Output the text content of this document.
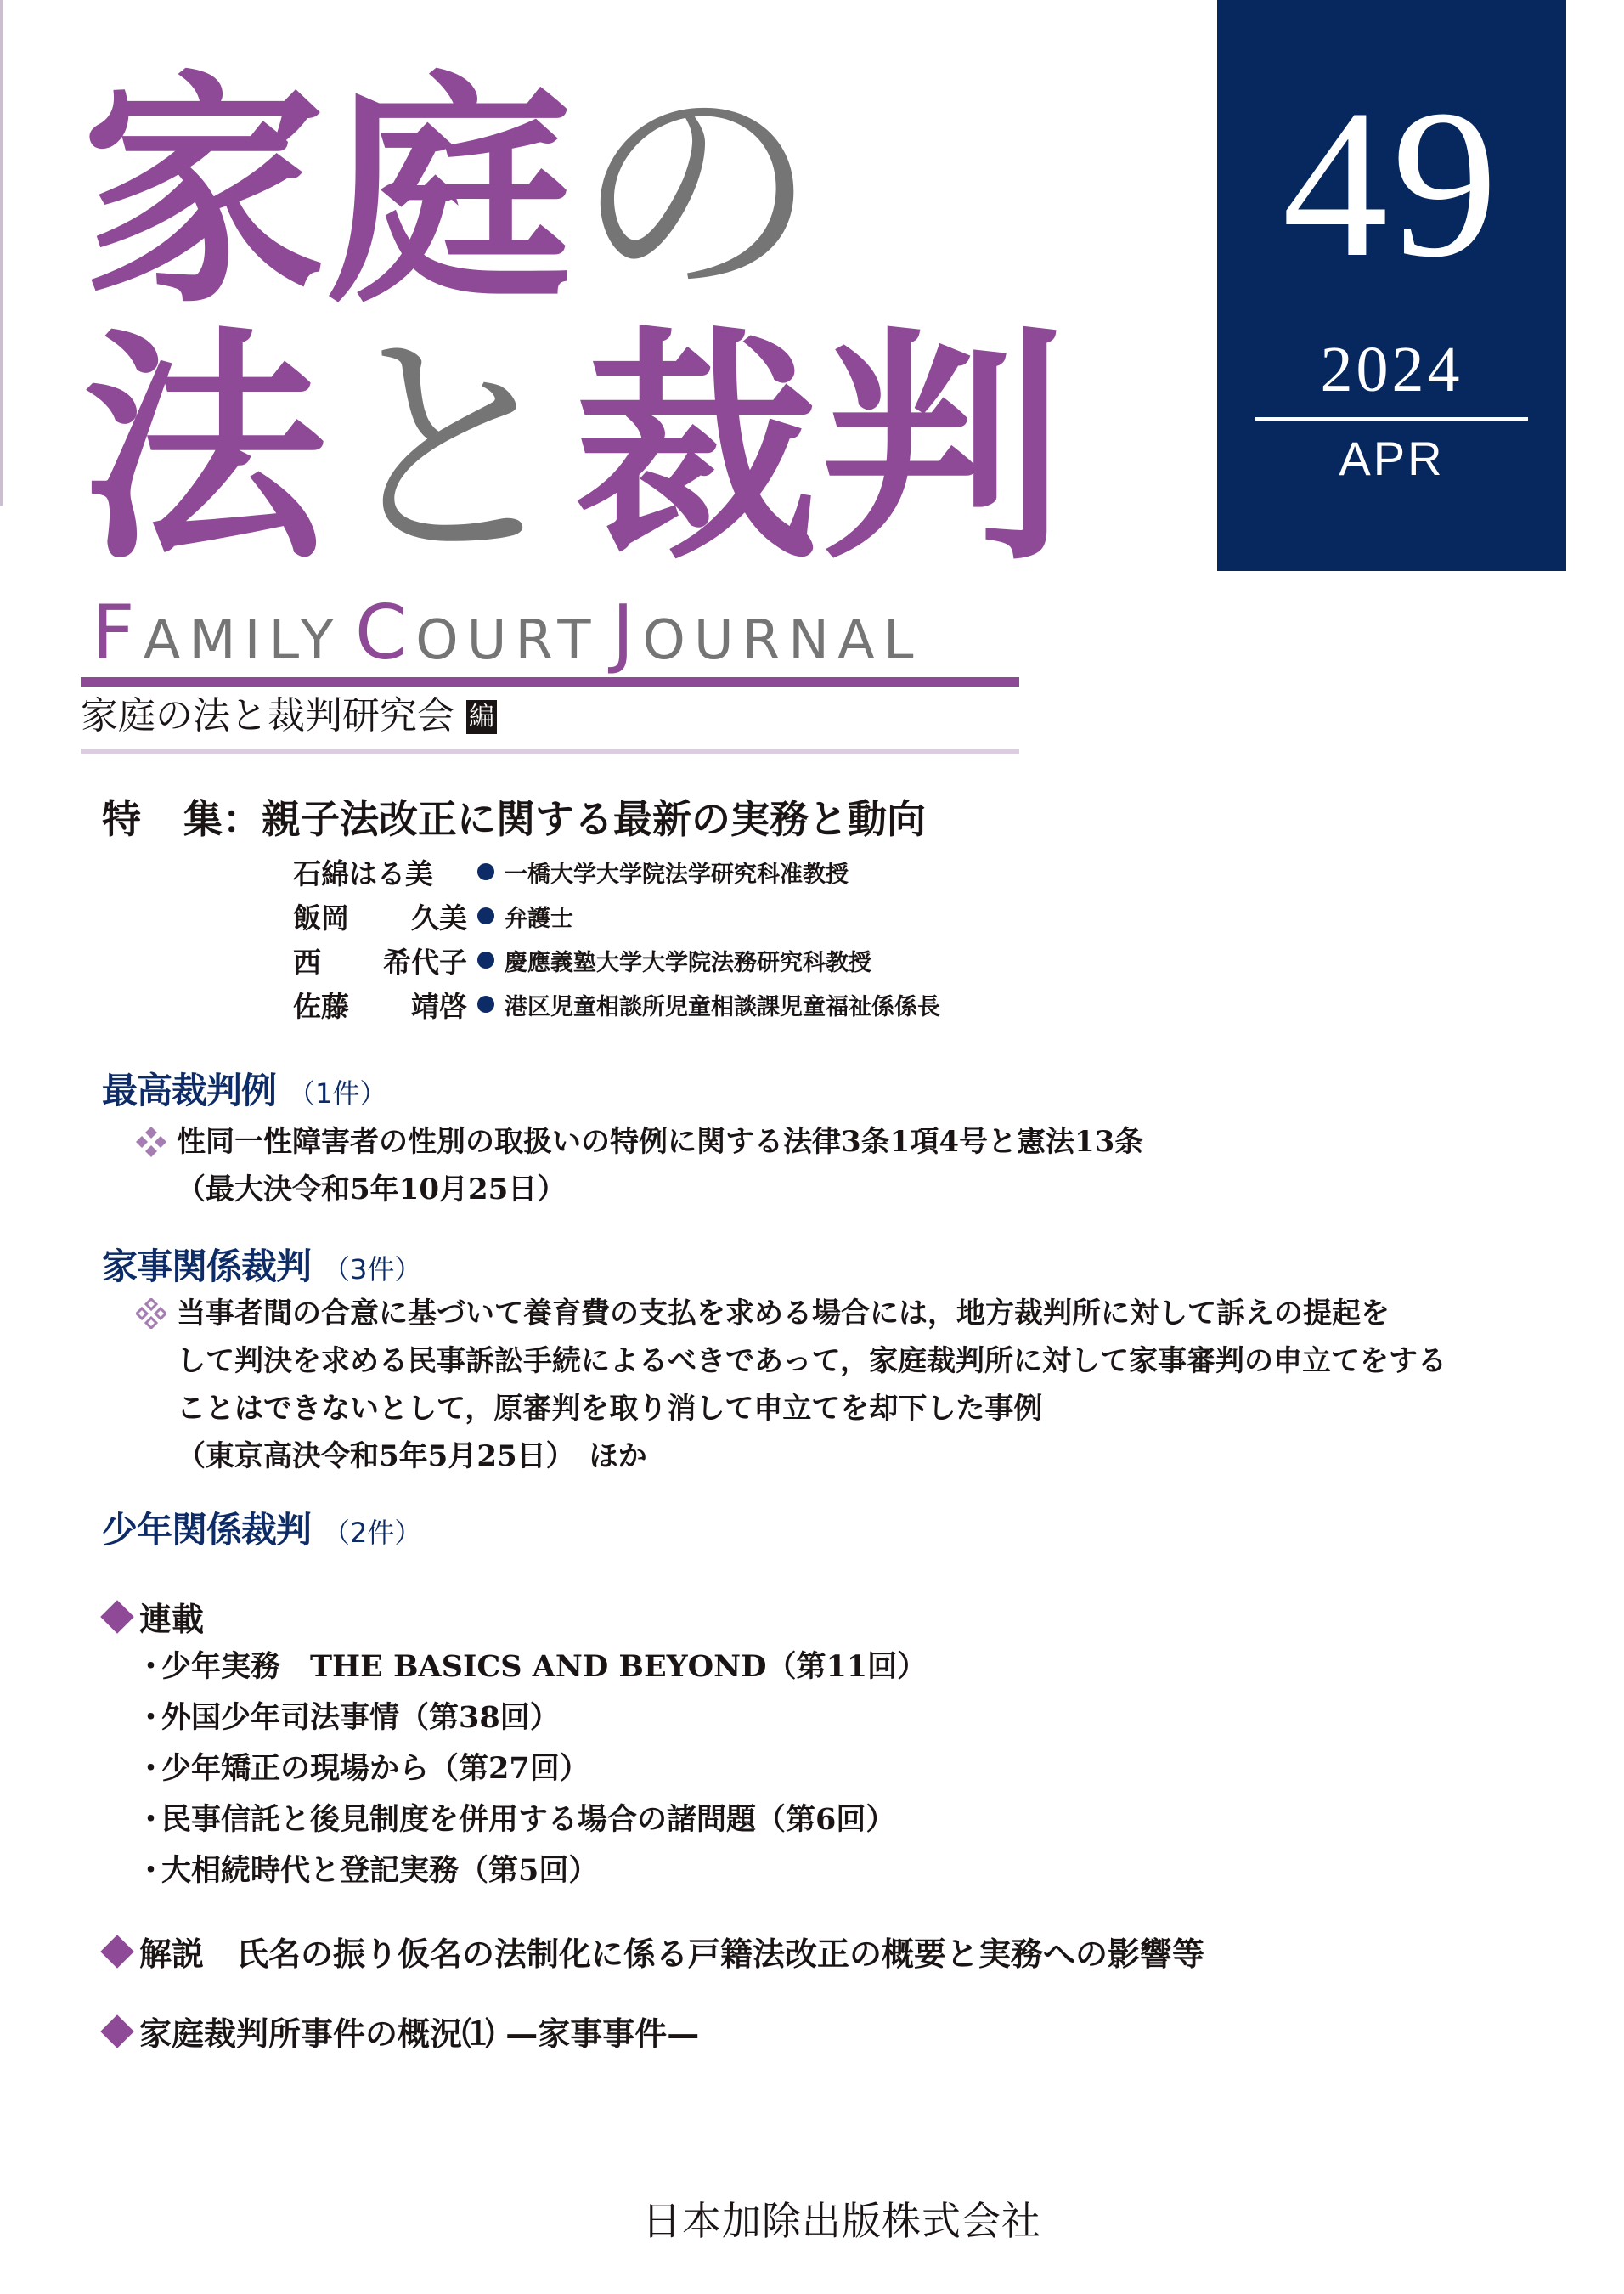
家庭の
法と裁判
49
2024
APR
FAMILY COURT JOURNAL
家庭の法と裁判研究会 編
特 集：親子法改正に関する最新の実務と動向
石綿はる美	一橋大学大学院法学研究科准教授
飯岡 久美 弁護士
西 希代子 慶應義塾大学大学院法務研究科教授
佐藤 靖啓 港区児童相談所児童相談課児童福祉係係長
最高裁判例 （1件）
性同一性障害者の性別の取扱いの特例に関する法律3条1項4号と憲法13条
（最大決令和5年10月25日）
家事関係裁判 （3件）
当事者間の合意に基づいて養育費の支払を求める場合には，地方裁判所に対して訴えの提起を
して判決を求める民事訴訟手続によるべきであって，家庭裁判所に対して家事審判の申立てをする
ことはできないとして，原審判を取り消して申立てを却下した事例
（東京高決令和5年5月25日）　ほか
少年関係裁判 （2件）
連載
・少年実務　THE BASICS AND BEYOND（第11回）
・外国少年司法事情（第38回）
・少年矯正の現場から（第27回）
・民事信託と後見制度を併用する場合の諸問題（第6回）
・大相続時代と登記実務（第5回）
解説　氏名の振り仮名の法制化に係る戸籍法改正の概要と実務への影響等
家庭裁判所事件の概況⑴ —家事事件—
日本加除出版株式会社
